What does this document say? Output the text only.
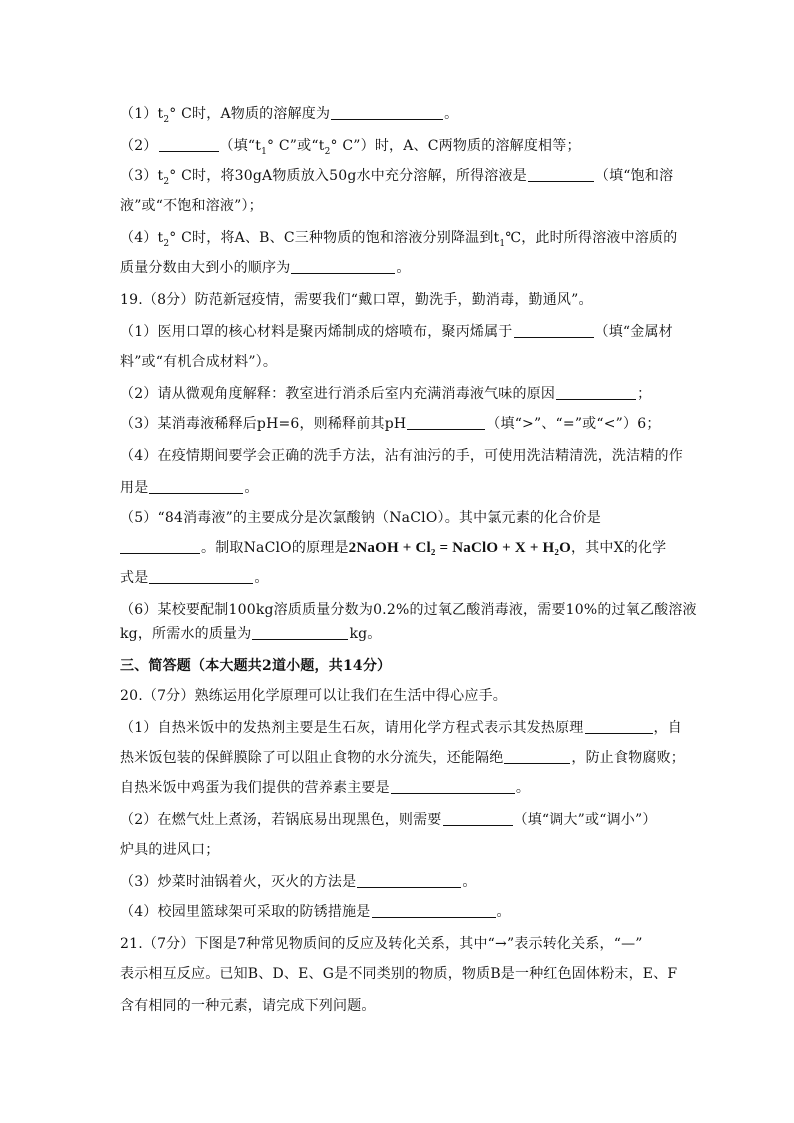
$(1)t_2^\circ$ C时，A物质的溶解度为	。
（2）	（填“$t_1^\circ$ C”或“$t_2^\circ$ C”）时，A、C两物质的溶解度相等；
$(3)t_2^\circ$ C时，将30gA物质放入50g水中充分溶解，所得溶液是	（填“饱和溶
液”或“不饱和溶液”）；
$(4)t_2^\circ$ C时，将A、B、C三种物质的饱和溶液分别降温到$t_1℃$，此时所得溶液中溶质的
质量分数由大到小的顺序为	。
19.（8分）防范新冠疫情，需要我们“戴口罩，勤洗手，勤消毒，勤通风”。
（1）医用口罩的核心材料是聚丙烯制成的熔喷布，聚丙烯属于	（填“金属材
料”或“有机合成材料”）。
（2）请从微观角度解释：教室进行消杀后室内充满消毒液气味的原因	；
（3）某消毒液稀释后pH=6，则稀释前其pH	（填“>”、“=”或“<”）6；
（4）在疫情期间要学会正确的洗手方法，沾有油污的手，可使用洗洁精清洗，洗洁精的作
用是	。
（5）“84消毒液”的主要成分是次氯酸钠（NaClO）。其中氯元素的化合价是
。制取NaClO的原理是2NaOH + Cl₂ = NaClO + X + H₂O，其中X的化学
式是	。
（6）某校要配制100kg溶质质量分数为0.2%的过氧乙酸消毒液，需要10%的过氧乙酸溶液
kg，所需水的质量为	kg。
三、简答题（本大题共2道小题，共14分）
20.（7分）熟练运用化学原理可以让我们在生活中得心应手。
（1）自热米饭中的发热剂主要是生石灰，请用化学方程式表示其发热原理	，自
热米饭包装的保鲜膜除了可以阻止食物的水分流失，还能隔绝	，防止食物腐败；
自热米饭中鸡蛋为我们提供的营养素主要是	。
（2）在燃气灶上煮汤，若锅底易出现黑色，则需要	（填“调大”或“调小”）
炉具的进风口；
（3）炒菜时油锅着火，灭火的方法是	。
（4）校园里篮球架可采取的防锈措施是	。
21.（7分）下图是7种常见物质间的反应及转化关系，其中“→”表示转化关系，“—”
表示相互反应。已知B、D、E、G是不同类别的物质，物质B是一种红色固体粉末，E、F
含有相同的一种元素，请完成下列问题。
